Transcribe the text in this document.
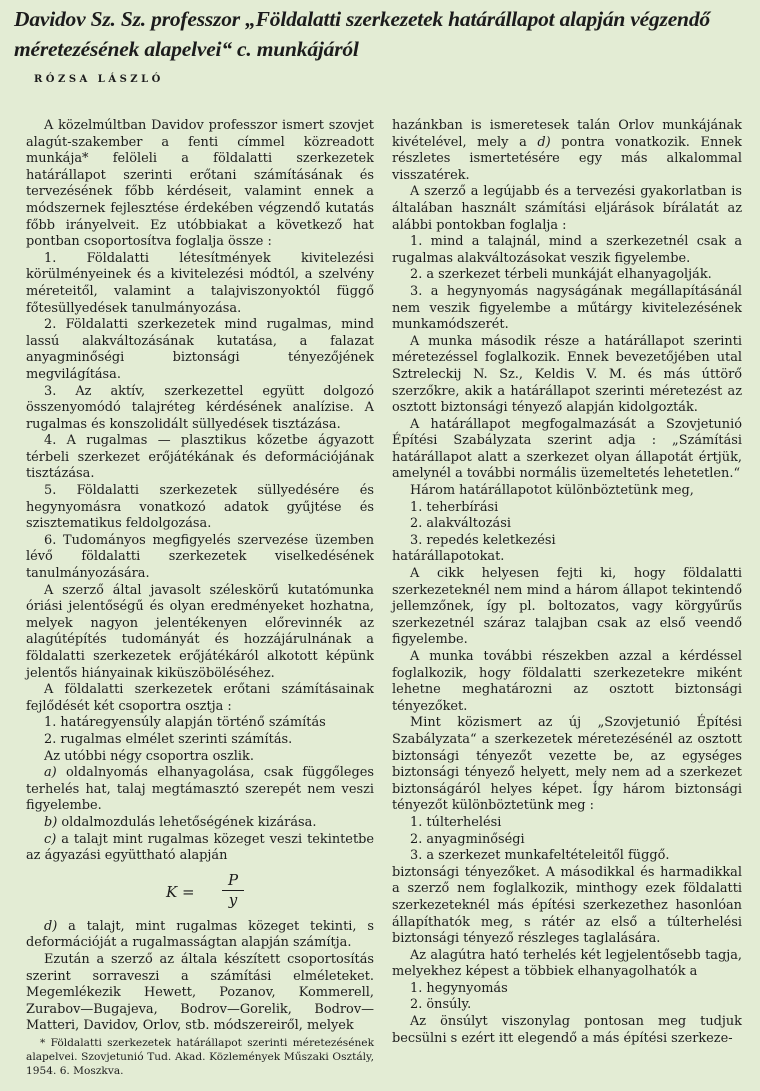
Davidov Sz. Sz. professzor „Földalatti szerkezetek határállapot alapján végzendő méretezésének alapelvei“ c. munkájáról
RÓZSA LÁSZLÓ

A közelmúltban Davidov professzor ismert szovjet alagút-szakember a fenti címmel közreadott munkája* felöleli a földalatti szerkezetek határállapot szerinti erőtani számításának és tervezésének főbb kérdéseit, valamint ennek a módszernek fejlesztése érdekében végzendő kutatás főbb irányelveit. Ez utóbbiakat a következő hat pontban csoportosítva foglalja össze :

1. Földalatti létesítmények kivitelezési körülményeinek és a kivitelezési módtól, a szelvény méreteitől, valamint a talajviszonyoktól függő főtesüllyedések tanulmányozása.

2. Földalatti szerkezetek mind rugalmas, mind lassú alakváltozásának kutatása, a falazat anyagminőségi biztonsági tényezőjének megvilágítása.

3. Az aktív, szerkezettel együtt dolgozó összenyomódó talajréteg kérdésének analízise. A rugalmas és konszolidált süllyedések tisztázása.

4. A rugalmas — plasztikus kőzetbe ágyazott térbeli szerkezet erőjátékának és deformációjának tisztázása.

5. Földalatti szerkezetek süllyedésére és hegynyomásra vonatkozó adatok gyűjtése és szisztematikus feldolgozása.

6. Tudományos megfigyelés szervezése üzemben lévő földalatti szerkezetek viselkedésének tanulmányozására.

A szerző által javasolt széleskörű kutatómunka óriási jelentőségű és olyan eredményeket hozhatna, melyek nagyon jelentékenyen előrevinnék az alagútépítés tudományát és hozzájárulnának a földalatti szerkezetek erőjátékáról alkotott képünk jelentős hiányainak kiküszöböléséhez.

A földalatti szerkezetek erőtani számításainak fejlődését két csoportra osztja :

1. határegyensúly alapján történő számítás

2. rugalmas elmélet szerinti számítás.

Az utóbbi négy csoportra oszlik.

a) oldalnyomás elhanyagolása, csak függőleges terhelés hat, talaj megtámasztó szerepét nem veszi figyelembe.

b) oldalmozdulás lehetőségének kizárása.

c) a talajt mint rugalmas közeget veszi tekintetbe az ágyazási együttható alapján

$K = \frac{P}{y}$

d) a talajt, mint rugalmas közeget tekinti, s deformációját a rugalmasságtan alapján számítja.

Ezután a szerző az általa készített csoportosítás szerint sorraveszi a számítási elméleteket. Megemlékezik Hewett, Pozanov, Kommerell, Zurabov—Bugajeva, Bodrov—Gorelik, Bodrov—Matteri, Davidov, Orlov, stb. módszereiről, melyek

* Földalatti szerkezetek határállapot szerinti méretezésének alapelvei. Szovjetunió Tud. Akad. Közlemények Műszaki Osztály, 1954. 6. Moszkva.

hazánkban is ismeretesek talán Orlov munkájának kivételével, mely a d) pontra vonatkozik. Ennek részletes ismertetésére egy más alkalommal visszatérek.

A szerző a legújabb és a tervezési gyakorlatban is általában használt számítási eljárások bírálatát az alábbi pontokban foglalja :

1. mind a talajnál, mind a szerkezetnél csak a rugalmas alakváltozásokat veszik figyelembe.

2. a szerkezet térbeli munkáját elhanyagolják.

3. a hegynyomás nagyságának megállapításánál nem veszik figyelembe a műtárgy kivitelezésének munkamódszerét.

A munka második része a határállapot szerinti méretezéssel foglalkozik. Ennek bevezetőjében utal Sztreleckij N. Sz., Keldis V. M. és más úttörő szerzőkre, akik a határállapot szerinti méretezést az osztott biztonsági tényező alapján kidolgozták.

A határállapot megfogalmazását a Szovjetunió Építési Szabályzata szerint adja : „Számítási határállapot alatt a szerkezet olyan állapotát értjük, amelynél a további normális üzemeltetés lehetetlen.“

Három határállapotot különböztetünk meg,

1. teherbírási

2. alakváltozási

3. repedés keletkezési

határállapotokat.

A cikk helyesen fejti ki, hogy földalatti szerkezeteknél nem mind a három állapot tekintendő jellemzőnek, így pl. boltozatos, vagy körgyűrűs szerkezetnél száraz talajban csak az első veendő figyelembe.

A munka további részekben azzal a kérdéssel foglalkozik, hogy földalatti szerkezetekre miként lehetne meghatározni az osztott biztonsági tényezőket.

Mint közismert az új „Szovjetunió Építési Szabályzata“ a szerkezetek méretezésénél az osztott biztonsági tényezőt vezette be, az egységes biztonsági tényező helyett, mely nem ad a szerkezet biztonságáról helyes képet. Így három biztonsági tényezőt különböztetünk meg :

1. túlterhelési

2. anyagminőségi

3. a szerkezet munkafeltételeitől függő.

biztonsági tényezőket. A másodikkal és harmadikkal a szerző nem foglalkozik, minthogy ezek földalatti szerkezeteknél más építési szerkezethez hasonlóan állapíthatók meg, s rátér az első a túlterhelési biztonsági tényező részleges taglalására.

Az alagútra ható terhelés két legjelentősebb tagja, melyekhez képest a többiek elhanyagolhatók a

1. hegynyomás

2. önsúly.

Az önsúlyt viszonylag pontosan meg tudjuk becsülni s ezért itt elegendő a más építési szerkeze-
